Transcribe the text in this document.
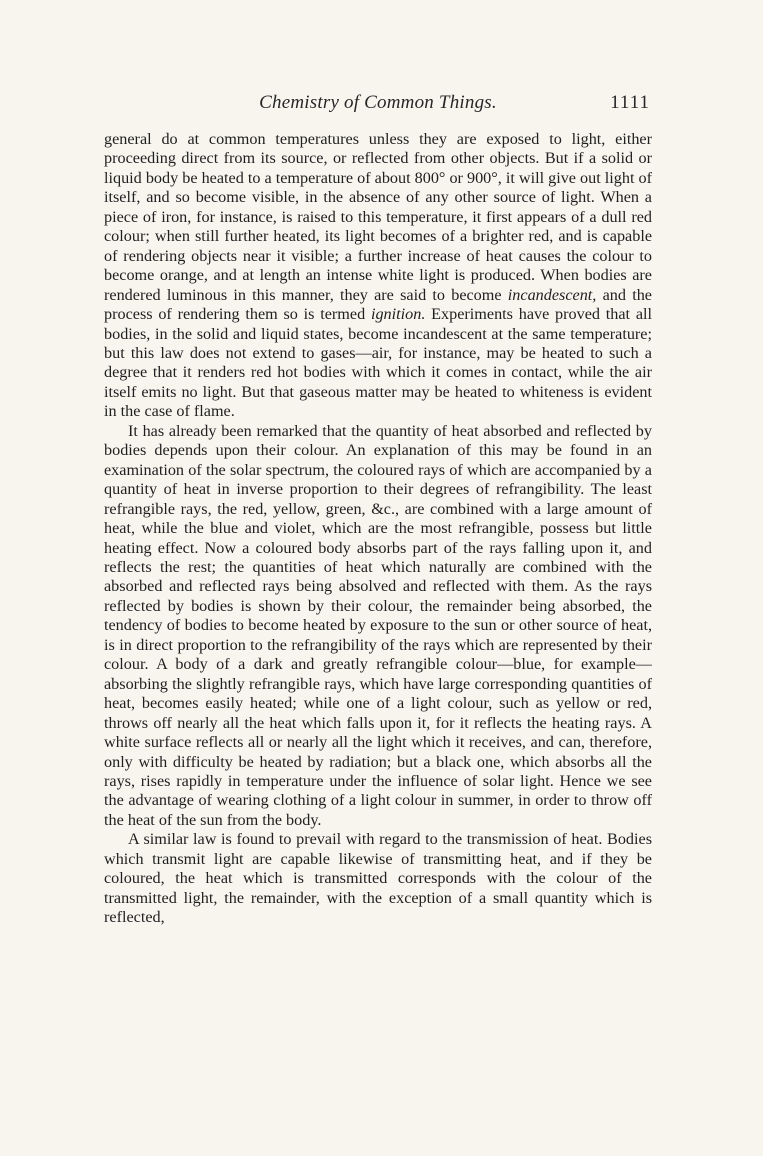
Chemistry of Common Things.	1111

general do at common temperatures unless they are exposed to light, either proceeding direct from its source, or reflected from other objects. But if a solid or liquid body be heated to a temperature of about 800° or 900°, it will give out light of itself, and so become visible, in the absence of any other source of light. When a piece of iron, for instance, is raised to this temperature, it first appears of a dull red colour; when still further heated, its light becomes of a brighter red, and is capable of rendering objects near it visible; a further increase of heat causes the colour to become orange, and at length an intense white light is produced. When bodies are rendered luminous in this manner, they are said to become incandescent, and the process of rendering them so is termed ignition. Experiments have proved that all bodies, in the solid and liquid states, become incandescent at the same temperature; but this law does not extend to gases—air, for instance, may be heated to such a degree that it renders red hot bodies with which it comes in contact, while the air itself emits no light. But that gaseous matter may be heated to whiteness is evident in the case of flame.

It has already been remarked that the quantity of heat absorbed and reflected by bodies depends upon their colour. An explanation of this may be found in an examination of the solar spectrum, the coloured rays of which are accompanied by a quantity of heat in inverse proportion to their degrees of refrangibility. The least refrangible rays, the red, yellow, green, &c., are combined with a large amount of heat, while the blue and violet, which are the most refrangible, possess but little heating effect. Now a coloured body absorbs part of the rays falling upon it, and reflects the rest; the quantities of heat which naturally are combined with the absorbed and reflected rays being absolved and reflected with them. As the rays reflected by bodies is shown by their colour, the remainder being absorbed, the tendency of bodies to become heated by exposure to the sun or other source of heat, is in direct proportion to the refrangibility of the rays which are represented by their colour. A body of a dark and greatly refrangible colour—blue, for example—absorbing the slightly refrangible rays, which have large corresponding quantities of heat, becomes easily heated; while one of a light colour, such as yellow or red, throws off nearly all the heat which falls upon it, for it reflects the heating rays. A white surface reflects all or nearly all the light which it receives, and can, therefore, only with difficulty be heated by radiation; but a black one, which absorbs all the rays, rises rapidly in temperature under the influence of solar light. Hence we see the advantage of wearing clothing of a light colour in summer, in order to throw off the heat of the sun from the body.

A similar law is found to prevail with regard to the transmission of heat. Bodies which transmit light are capable likewise of transmitting heat, and if they be coloured, the heat which is transmitted corresponds with the colour of the transmitted light, the remainder, with the exception of a small quantity which is reflected,
